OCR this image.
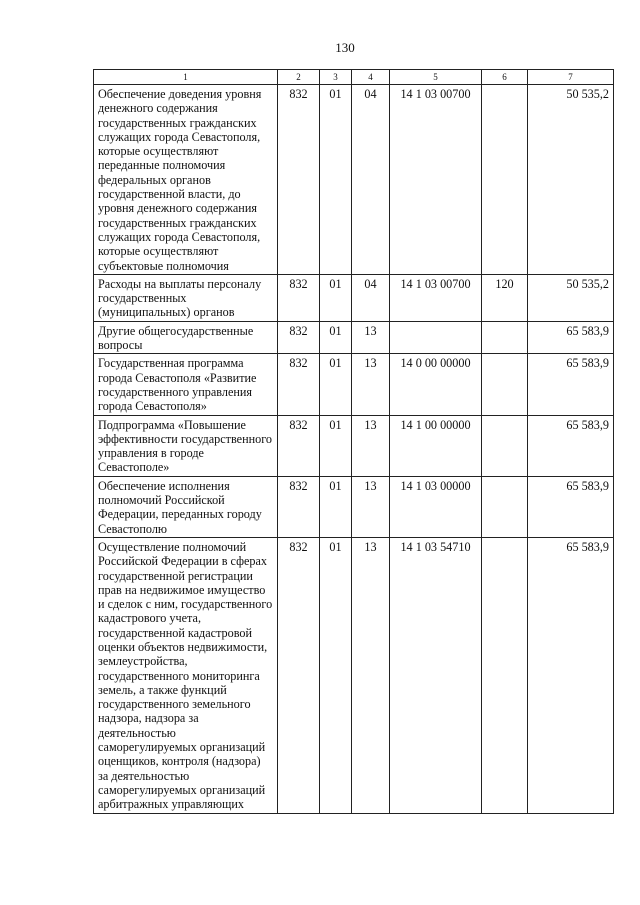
130
1	2	3	4	5	6	7
Обеспечение доведения уровня денежного содержания государственных гражданских служащих города Севастополя, которые осуществляют переданные полномочия федеральных органов государственной власти, до уровня денежного содержания государственных гражданских служащих города Севастополя, которые осуществляют субъектовые полномочия	832	01	04	14 1 03 00700		50 535,2
Расходы на выплаты персоналу государственных (муниципальных) органов	832	01	04	14 1 03 00700	120	50 535,2
Другие общегосударственные вопросы	832	01	13			65 583,9
Государственная программа города Севастополя «Развитие государственного управления города Севастополя»	832	01	13	14 0 00 00000		65 583,9
Подпрограмма «Повышение эффективности государственного управления в городе Севастополе»	832	01	13	14 1 00 00000		65 583,9
Обеспечение исполнения полномочий Российской Федерации, переданных городу Севастополю	832	01	13	14 1 03 00000		65 583,9
Осуществление полномочий Российской Федерации в сферах государственной регистрации прав на недвижимое имущество и сделок с ним, государственного кадастрового учета, государственной кадастровой оценки объектов недвижимости, землеустройства, государственного мониторинга земель, а также функций государственного земельного надзора, надзора за деятельностью саморегулируемых организаций оценщиков, контроля (надзора) за деятельностью саморегулируемых организаций арбитражных управляющих	832	01	13	14 1 03 54710		65 583,9
